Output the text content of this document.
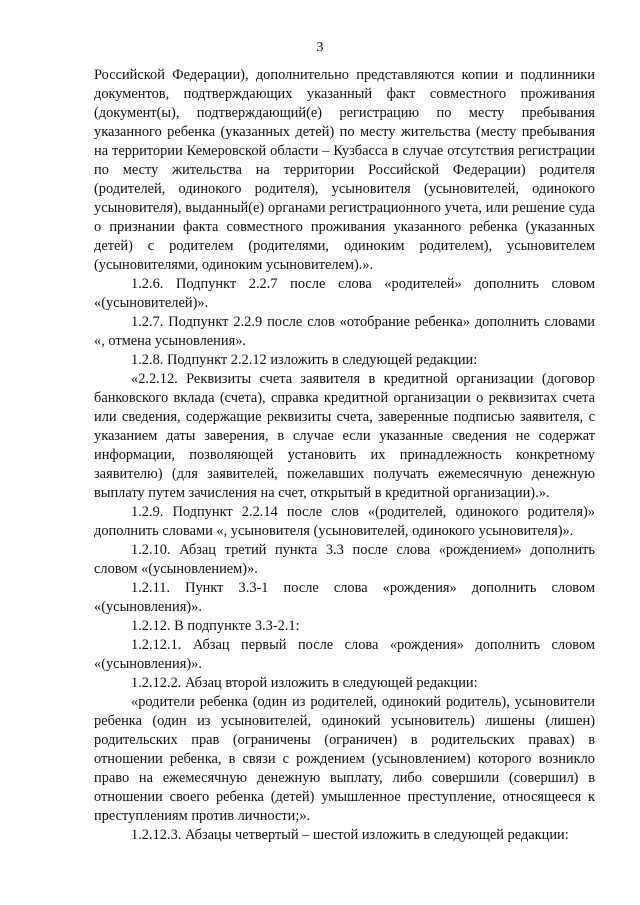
3

Российской Федерации), дополнительно представляются копии и подлинники документов, подтверждающих указанный факт совместного проживания (документ(ы), подтверждающий(е) регистрацию по месту пребывания указанного ребенка (указанных детей) по месту жительства (месту пребывания на территории Кемеровской области – Кузбасса в случае отсутствия регистрации по месту жительства на территории Российской Федерации) родителя (родителей, одинокого родителя), усыновителя (усыновителей, одинокого усыновителя), выданный(е) органами регистрационного учета, или решение суда о признании факта совместного проживания указанного ребенка (указанных детей) с родителем (родителями, одиноким родителем), усыновителем (усыновителями, одиноким усыновителем).».

1.2.6. Подпункт 2.2.7 после слова «родителей» дополнить словом «(усыновителей)».

1.2.7. Подпункт 2.2.9 после слов «отобрание ребенка» дополнить словами «, отмена усыновления».

1.2.8. Подпункт 2.2.12 изложить в следующей редакции:

«2.2.12. Реквизиты счета заявителя в кредитной организации (договор банковского вклада (счета), справка кредитной организации о реквизитах счета или сведения, содержащие реквизиты счета, заверенные подписью заявителя, с указанием даты заверения, в случае если указанные сведения не содержат информации, позволяющей установить их принадлежность конкретному заявителю) (для заявителей, пожелавших получать ежемесячную денежную выплату путем зачисления на счет, открытый в кредитной организации).».

1.2.9. Подпункт 2.2.14 после слов «(родителей, одинокого родителя)» дополнить словами «, усыновителя (усыновителей, одинокого усыновителя)».

1.2.10. Абзац третий пункта 3.3 после слова «рождением» дополнить словом «(усыновлением)».

1.2.11. Пункт 3.3-1 после слова «рождения» дополнить словом «(усыновления)».

1.2.12. В подпункте 3.3-2.1:

1.2.12.1. Абзац первый после слова «рождения» дополнить словом «(усыновления)».

1.2.12.2. Абзац второй изложить в следующей редакции:

«родители ребенка (один из родителей, одинокий родитель), усыновители ребенка (один из усыновителей, одинокий усыновитель) лишены (лишен) родительских прав (ограничены (ограничен) в родительских правах) в отношении ребенка, в связи с рождением (усыновлением) которого возникло право на ежемесячную денежную выплату, либо совершили (совершил) в отношении своего ребенка (детей) умышленное преступление, относящееся к преступлениям против личности;».

1.2.12.3. Абзацы четвертый – шестой изложить в следующей редакции:
